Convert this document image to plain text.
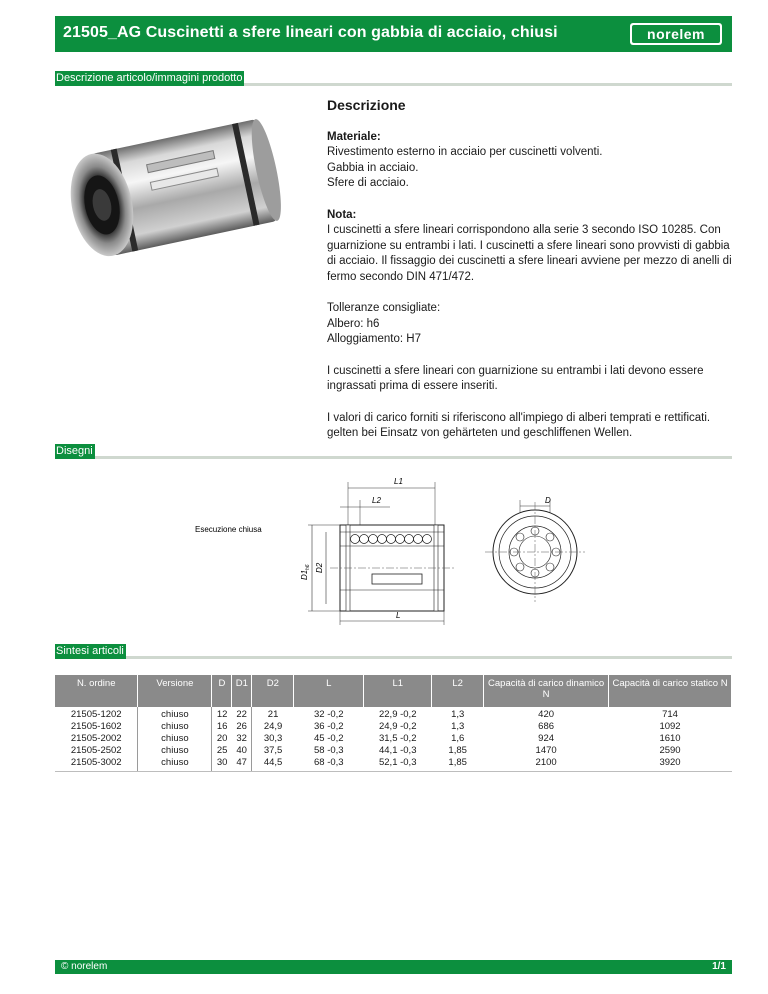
21505_AG Cuscinetti a sfere lineari con gabbia di acciaio, chiusi	norelem
Descrizione articolo/immagini prodotto
Descrizione

Materiale:
Rivestimento esterno in acciaio per cuscinetti volventi.
Gabbia in acciaio.
Sfere di acciaio.

Nota:
I cuscinetti a sfere lineari corrispondono alla serie 3 secondo ISO 10285. Con guarnizione su entrambi i lati. I cuscinetti a sfere lineari sono provvisti di gabbia di acciaio. Il fissaggio dei cuscinetti a sfere lineari avviene per mezzo di anelli di fermo secondo DIN 471/472.

Tolleranze consigliate:
Albero: h6
Alloggiamento: H7

I cuscinetti a sfere lineari con guarnizione su entrambi i lati devono essere ingrassati prima di essere inseriti.

I valori di carico forniti si riferiscono all'impiego di alberi temprati e rettificati. gelten bei Einsatz von gehärteten und geschliffenen Wellen.

Disegni
Esecuzione chiusa
L1
L2
D1
h6 D2
L
D
Sintesi articoli
N. ordine	Versione	D	D1	D2	L	L1	L2	Capacità di carico dinamico N	Capacità di carico statico N
21505-1202	chiuso	12	22	21	32 -0,2	22,9 -0,2	1,3	420	714
21505-1602	chiuso	16	26	24,9	36 -0,2	24,9 -0,2	1,3	686	1092
21505-2002	chiuso	20	32	30,3	45 -0,2	31,5 -0,2	1,6	924	1610
21505-2502	chiuso	25	40	37,5	58 -0,3	44,1 -0,3	1,85	1470	2590
21505-3002	chiuso	30	47	44,5	68 -0,3	52,1 -0,3	1,85	2100	3920
© norelem	1/1
